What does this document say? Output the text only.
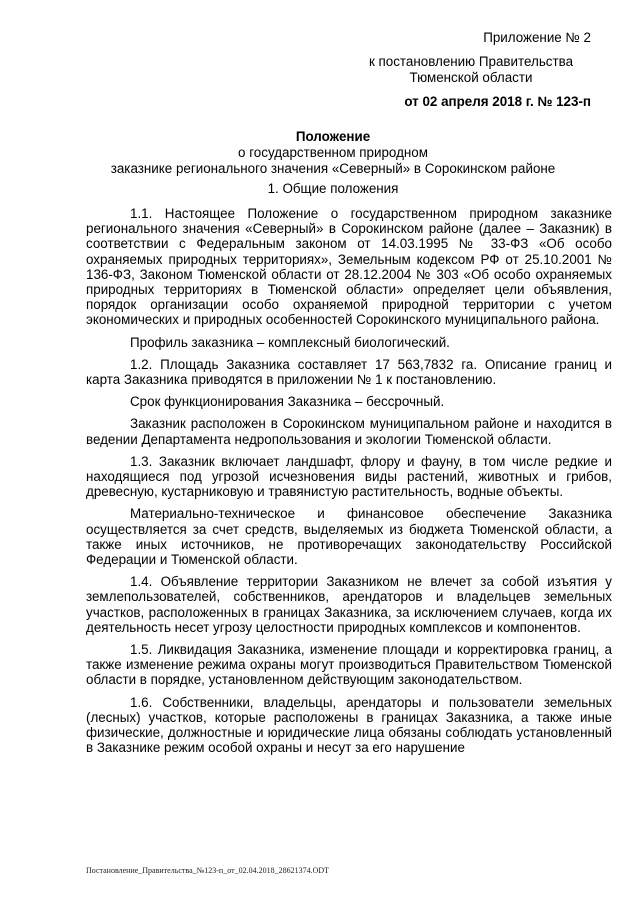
Приложение № 2
к постановлению Правительства
Тюменской области
от 02 апреля 2018 г. № 123-п
Положение
о государственном природном
заказнике регионального значения «Северный» в Сорокинском районе
1. Общие положения

1.1. Настоящее Положение о государственном природном заказнике регионального значения «Северный» в Сорокинском районе (далее – Заказник) в соответствии с Федеральным законом от 14.03.1995 № 33-ФЗ «Об особо охраняемых природных территориях», Земельным кодексом РФ от 25.10.2001 № 136-ФЗ, Законом Тюменской области от 28.12.2004 № 303 «Об особо охраняемых природных территориях в Тюменской области» определяет цели объявления, порядок организации особо охраняемой природной территории с учетом экономических и природных особенностей Сорокинского муниципального района.

Профиль заказника – комплексный биологический.

1.2. Площадь Заказника составляет 17 563,7832 га. Описание границ и карта Заказника приводятся в приложении № 1 к постановлению.

Срок функционирования Заказника – бессрочный.

Заказник расположен в Сорокинском муниципальном районе и находится в ведении Департамента недропользования и экологии Тюменской области.

1.3. Заказник включает ландшафт, флору и фауну, в том числе редкие и находящиеся под угрозой исчезновения виды растений, животных и грибов, древесную, кустарниковую и травянистую растительность, водные объекты.

Материально-техническое и финансовое обеспечение Заказника осуществляется за счет средств, выделяемых из бюджета Тюменской области, а также иных источников, не противоречащих законодательству Российской Федерации и Тюменской области.

1.4. Объявление территории Заказником не влечет за собой изъятия у землепользователей, собственников, арендаторов и владельцев земельных участков, расположенных в границах Заказника, за исключением случаев, когда их деятельность несет угрозу целостности природных комплексов и компонентов.

1.5. Ликвидация Заказника, изменение площади и корректировка границ, а также изменение режима охраны могут производиться Правительством Тюменской области в порядке, установленном действующим законодательством.

1.6. Собственники, владельцы, арендаторы и пользователи земельных (лесных) участков, которые расположены в границах Заказника, а также иные физические, должностные и юридические лица обязаны соблюдать установленный в Заказнике режим особой охраны и несут за его нарушение

Постановление_Правительства_№123-п_от_02.04.2018_28621374.ODT
